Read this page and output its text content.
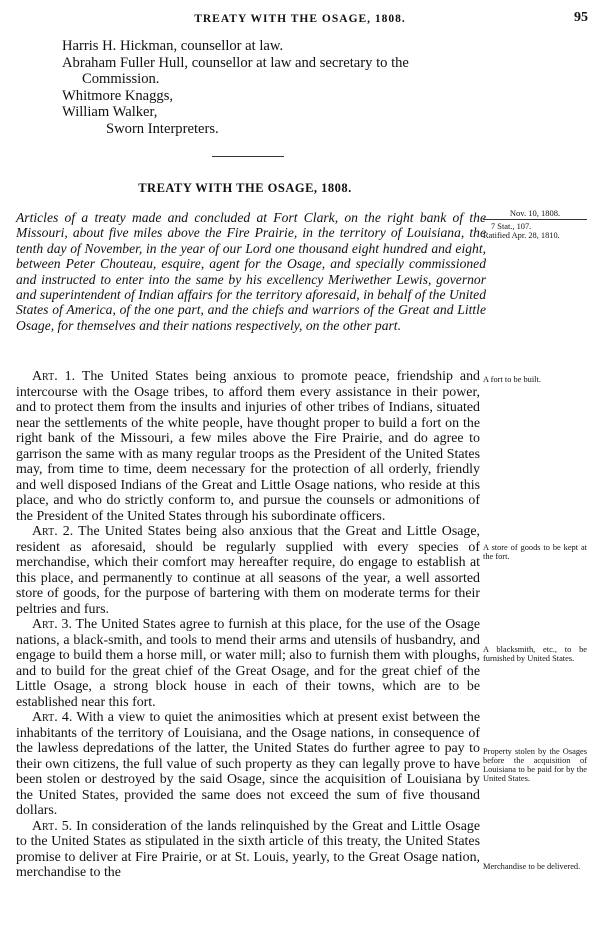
TREATY WITH THE OSAGE, 1808.	95
Harris H. Hickman, counsellor at law.
Abraham Fuller Hull, counsellor at law and secretary to the
Commission.
Whitmore Knaggs,
William Walker,
Sworn Interpreters.
TREATY WITH THE OSAGE, 1808.
Articles of a treaty made and concluded at Fort Clark, on the right bank of the Missouri, about five miles above the Fire Prairie, in the territory of Louisiana, the tenth day of November, in the year of our Lord one thousand eight hundred and eight, between Peter Chouteau, esquire, agent for the Osage, and specially commissioned and instructed to enter into the same by his excellency Meriwether Lewis, governor and superintendent of Indian affairs for the territory aforesaid, in behalf of the United States of America, of the one part, and the chiefs and warriors of the Great and Little Osage, for themselves and their nations respectively, on the other part.
Nov. 10, 1808.
7 Stat., 107.
Ratified Apr. 28, 1810.

Art. 1. The United States being anxious to promote peace, friendship and intercourse with the Osage tribes, to afford them every assistance in their power, and to protect them from the insults and injuries of other tribes of Indians, situated near the settlements of the white people, have thought proper to build a fort on the right bank of the Missouri, a few miles above the Fire Prairie, and do agree to garrison the same with as many regular troops as the President of the United States may, from time to time, deem necessary for the protection of all orderly, friendly and well disposed Indians of the Great and Little Osage nations, who reside at this place, and who do strictly conform to, and pursue the counsels or admonitions of the President of the United States through his subordinate officers.

Art. 2. The United States being also anxious that the Great and Little Osage, resident as aforesaid, should be regularly supplied with every species of merchandise, which their comfort may hereafter require, do engage to establish at this place, and permanently to continue at all seasons of the year, a well assorted store of goods, for the purpose of bartering with them on moderate terms for their peltries and furs.

Art. 3. The United States agree to furnish at this place, for the use of the Osage nations, a black-smith, and tools to mend their arms and utensils of husbandry, and engage to build them a horse mill, or water mill; also to furnish them with ploughs, and to build for the great chief of the Great Osage, and for the great chief of the Little Osage, a strong block house in each of their towns, which are to be established near this fort.

Art. 4. With a view to quiet the animosities which at present exist between the inhabitants of the territory of Louisiana, and the Osage nations, in consequence of the lawless depredations of the latter, the United States do further agree to pay to their own citizens, the full value of such property as they can legally prove to have been stolen or destroyed by the said Osage, since the acquisition of Louisiana by the United States, provided the same does not exceed the sum of five thousand dollars.

Art. 5. In consideration of the lands relinquished by the Great and Little Osage to the United States as stipulated in the sixth article of this treaty, the United States promise to deliver at Fire Prairie, or at St. Louis, yearly, to the Great Osage nation, merchandise to the

A fort to be built.
A store of goods to be kept at the fort.
A blacksmith, etc., to be furnished by United States.
Property stolen by the Osages before the acquisition of Louisiana to be paid for by the United States.
Merchandise to be delivered.
